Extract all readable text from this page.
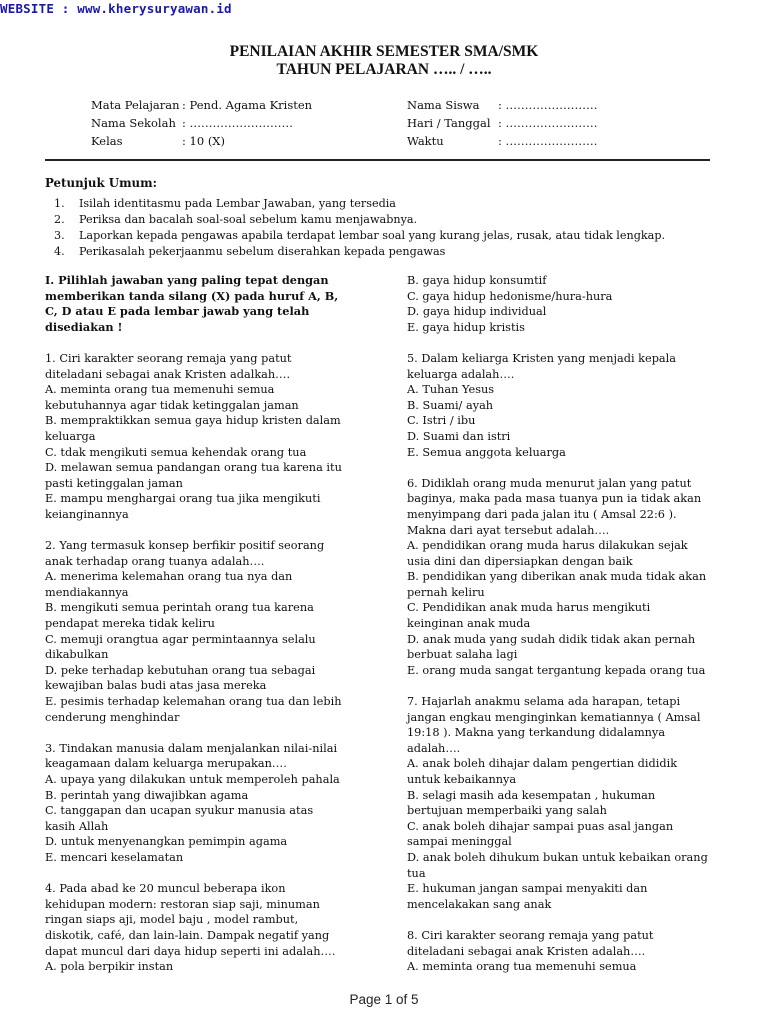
WEBSITE : www.kherysuryawan.id
PENILAIAN AKHIR SEMESTER SMA/SMK
TAHUN PELAJARAN ….. / …..
Mata Pelajaran : Pend. Agama Kristen
Nama Sekolah : ………………………
Kelas	: 10 (X)
Nama Siswa	: ……………………
Hari / Tanggal : ……………………
Waktu	: ……………………
Petunjuk Umum:
1.	Isilah identitasmu pada Lembar Jawaban, yang tersedia
2.	Periksa dan bacalah soal-soal sebelum kamu menjawabnya.
3.	Laporkan kepada pengawas apabila terdapat lembar soal yang kurang jelas, rusak, atau tidak lengkap.
4.	Perikasalah pekerjaanmu sebelum diserahkan kepada pengawas

I. Pilihlah jawaban yang paling tepat dengan

memberikan tanda silang (X) pada huruf A, B,

C, D atau E pada lembar jawab yang telah

disediakan !

1. Ciri karakter seorang remaja yang patut

diteladani sebagai anak Kristen adalkah….

A. meminta orang tua memenuhi semua

kebutuhannya agar tidak ketinggalan jaman

B. mempraktikkan semua gaya hidup kristen dalam

keluarga

C. tdak mengikuti semua kehendak orang tua

D. melawan semua pandangan orang tua karena itu

pasti ketinggalan jaman

E. mampu menghargai orang tua jika mengikuti

keianginannya

2. Yang termasuk konsep berfikir positif seorang

anak terhadap orang tuanya adalah….

A. menerima kelemahan orang tua nya dan

mendiakannya

B. mengikuti semua perintah orang tua karena

pendapat mereka tidak keliru

C. memuji orangtua agar permintaannya selalu

dikabulkan

D. peke terhadap kebutuhan orang tua sebagai

kewajiban balas budi atas jasa mereka

E. pesimis terhadap kelemahan orang tua dan lebih

cenderung menghindar

3. Tindakan manusia dalam menjalankan nilai-nilai

keagamaan dalam keluarga merupakan….

A. upaya yang dilakukan untuk memperoleh pahala

B. perintah yang diwajibkan agama

C. tanggapan dan ucapan syukur manusia atas

kasih Allah

D. untuk menyenangkan pemimpin agama

E. mencari keselamatan

4. Pada abad ke 20 muncul beberapa ikon

kehidupan modern: restoran siap saji, minuman

ringan siaps aji, model baju , model rambut,

diskotik, café, dan lain-lain. Dampak negatif yang

dapat muncul dari daya hidup seperti ini adalah….

A. pola berpikir instan

B. gaya hidup konsumtif

C. gaya hidup hedonisme/hura-hura

D. gaya hidup individual

E. gaya hidup kristis

5. Dalam keliarga Kristen yang menjadi kepala

keluarga adalah….

A. Tuhan Yesus

B. Suami/ ayah

C. Istri / ibu

D. Suami dan istri

E. Semua anggota keluarga

6. Didiklah orang muda menurut jalan yang patut

baginya, maka pada masa tuanya pun ia tidak akan

menyimpang dari pada jalan itu ( Amsal 22:6 ).

Makna dari ayat tersebut adalah….

A. pendidikan orang muda harus dilakukan sejak

usia dini dan dipersiapkan dengan baik

B. pendidikan yang diberikan anak muda tidak akan

pernah keliru

C. Pendidikan anak muda harus mengikuti

keinginan anak muda

D. anak muda yang sudah didik tidak akan pernah

berbuat salaha lagi

E. orang muda sangat tergantung kepada orang tua

7. Hajarlah anakmu selama ada harapan, tetapi

jangan engkau menginginkan kematiannya ( Amsal

19:18 ). Makna yang terkandung didalamnya

adalah….

A. anak boleh dihajar dalam pengertian dididik

untuk kebaikannya

B. selagi masih ada kesempatan , hukuman

bertujuan memperbaiki yang salah

C. anak boleh dihajar sampai puas asal jangan

sampai meninggal

D. anak boleh dihukum bukan untuk kebaikan orang

tua

E. hukuman jangan sampai menyakiti dan

mencelakakan sang anak

8. Ciri karakter seorang remaja yang patut

diteladani sebagai anak Kristen adalah….

A. meminta orang tua memenuhi semua

Page 1 of 5
